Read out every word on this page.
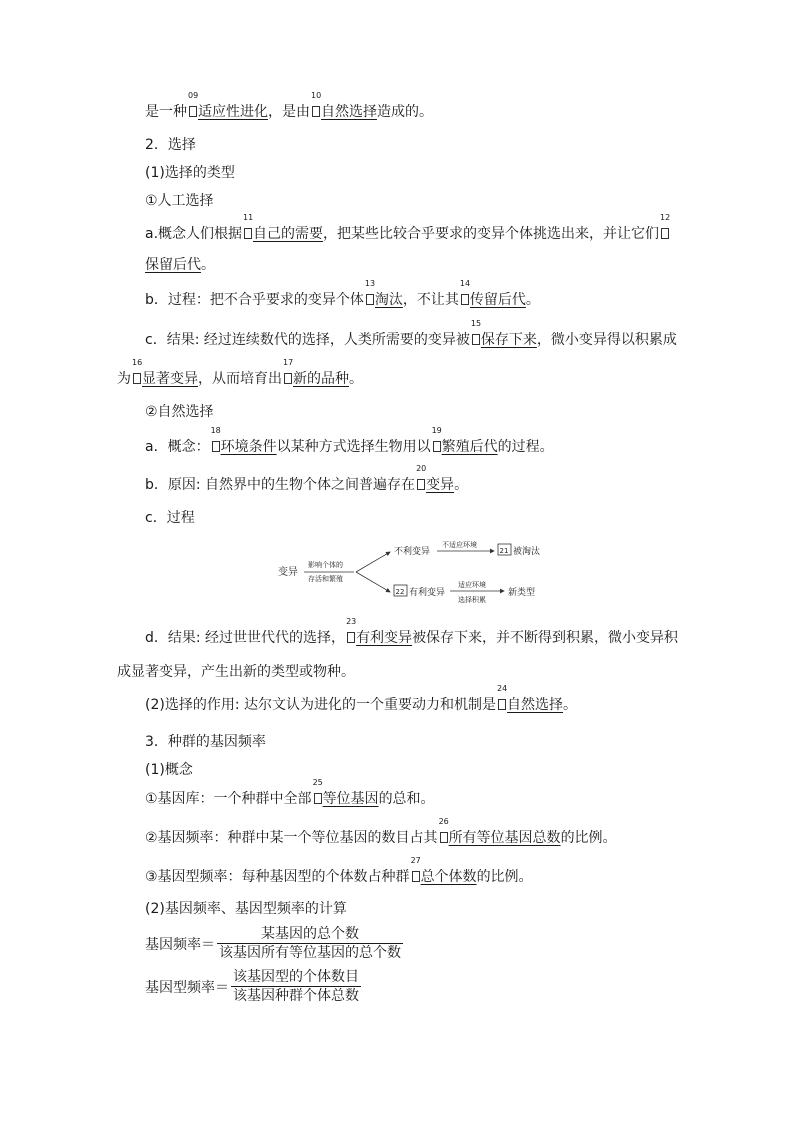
是一种
09
适应性进化，是由
10
自然选择造成的。
2．选择
(1)选择的类型
①人工选择
a.概念人们根据
11
自己的需要，把某些比较合乎要求的变异个体挑选出来，并让它们
12
保留后代。
b．过程：把不合乎要求的变异个体
13
淘汰，不让其
14
传留后代。
c．结果: 经过连续数代的选择，人类所需要的变异被
15
保存下来，微小变异得以积累成
为
16
显著变异，从而培育出
17
新的品种。
②自然选择
a．概念：
18
环境条件以某种方式选择生物用以
19
繁殖后代的过程。
b．原因: 自然界中的生物个体之间普遍存在
20
变异。
c．过程
d．结果: 经过世世代代的选择，
23
有利变异被保存下来，并不断得到积累，微小变异积
成显著变异，产生出新的类型或物种。
(2)选择的作用: 达尔文认为进化的一个重要动力和机制是
24
自然选择。
3．种群的基因频率
(1)概念
①基因库：一个种群中全部
25
等位基因的总和。
②基因频率：种群中某一个等位基因的数目占其
26
所有等位基因总数的比例。
③基因型频率：每种基因型的个体数占种群
27
总个体数的比例。
(2)基因频率、基因型频率的计算
变异
影响个体的
存活和繁殖
不利变异
不适应环境
21 被淘汰
22 有利变异
适应环境
选择积累
新类型
基因频率＝
某基因的总个数
该基因所有等位基因的总个数
基因型频率＝
该基因型的个体数目
该基因种群个体总数
